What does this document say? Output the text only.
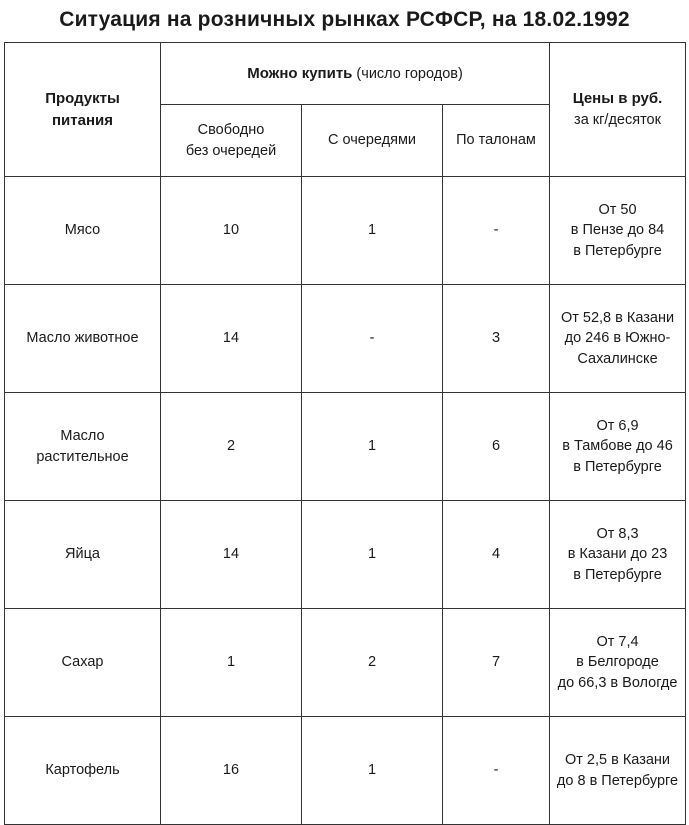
Ситуация на розничных рынках РСФСР, на 18.02.1992
Продукты
питания	Можно купить (число городов)			Цены в руб.
за кг/десяток
	Свободно
без очередей	С очередями	По талонам	
Мясо	10	1	-	От 50
в Пензе до 84
в Петербурге
Масло животное	14	-	3	От 52,8 в Казани
до 246 в Южно-
Сахалинске
Масло
растительное	2	1	6	От 6,9
в Тамбове до 46
в Петербурге
Яйца	14	1	4	От 8,3
в Казани до 23
в Петербурге
Сахар	1	2	7	От 7,4
в Белгороде
до 66,3 в Вологде
Картофель	16	1	-	От 2,5 в Казани
до 8 в Петербурге
